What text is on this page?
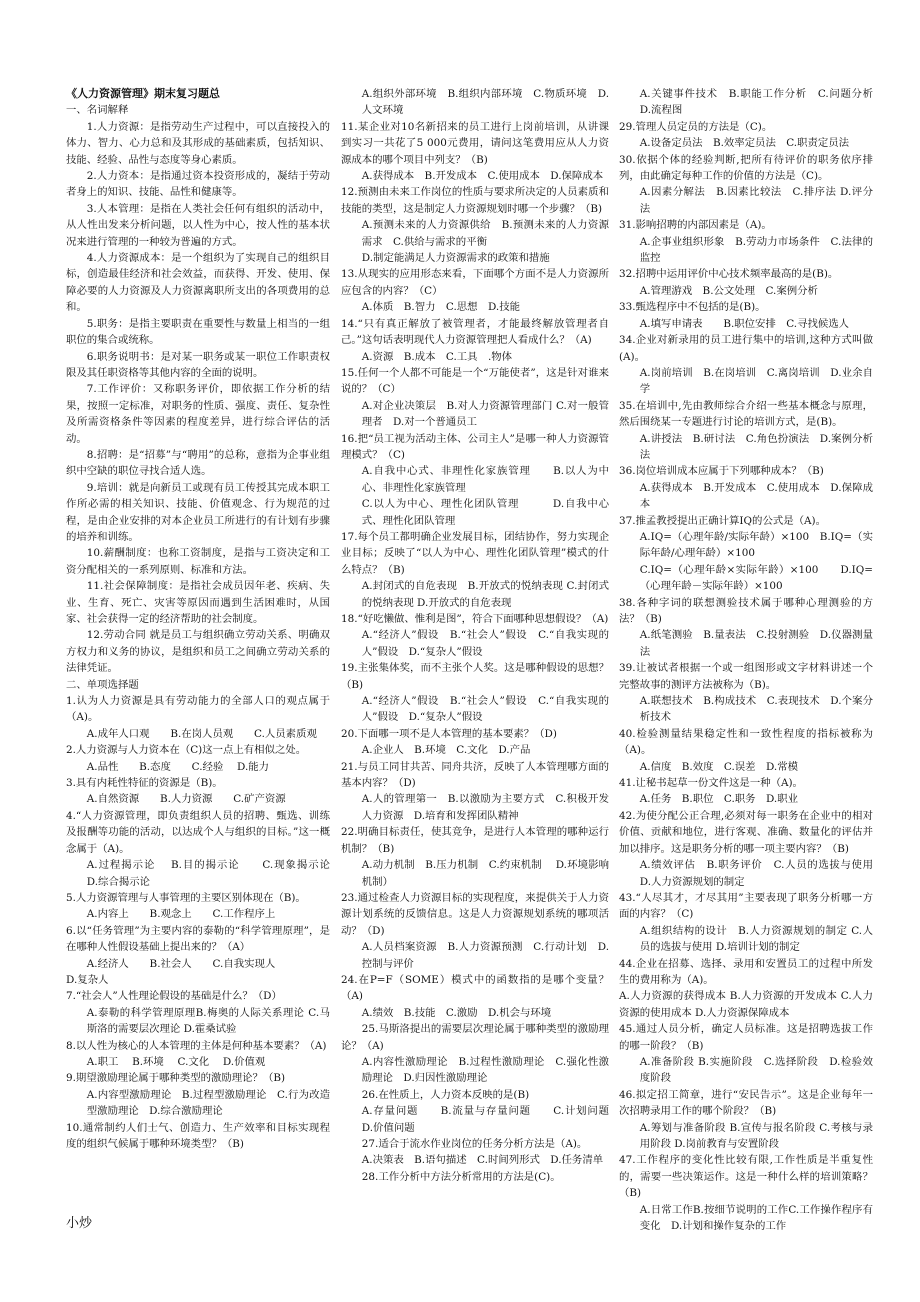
《人力资源管理》期末复习题总

一、名词解释

1.人力资源：是指劳动生产过程中，可以直接投入的体力、智力、心力总和及其形成的基础素质，包括知识、技能、经验、品性与态度等身心素质。

2.人力资本：是指通过资本投资形成的，凝结于劳动者身上的知识、技能、品性和健康等。

3.人本管理：是指在人类社会任何有组织的活动中，从人性出发来分析问题，以人性为中心，按人性的基本状况来进行管理的一种较为普遍的方式。

4.人力资源成本：是一个组织为了实现自己的组织目标，创造最佳经济和社会效益，而获得、开发、使用、保障必要的人力资源及人力资源离职所支出的各项费用的总和。

5.职务：是指主要职责在重要性与数量上相当的一组职位的集合或统称。

6.职务说明书：是对某一职务或某一职位工作职责权限及其任职资格等其他内容的全面的说明。

7.工作评价：又称职务评价，即依据工作分析的结果，按照一定标准，对职务的性质、强度、责任、复杂性及所需资格条件等因素的程度差异，进行综合评估的活动。

8.招聘：是“招募”与“聘用”的总称，意指为企事业组织中空缺的职位寻找合适人选。

9.培训：就是向新员工或现有员工传授其完成本职工作所必需的相关知识、技能、价值观念、行为规范的过程，是由企业安排的对本企业员工所进行的有计划有步骤的培养和训练。

10.薪酬制度：也称工资制度，是指与工资决定和工资分配相关的一系列原则、标准和方法。

11.社会保障制度：是指社会成员因年老、疾病、失业、生育、死亡、灾害等原因而遇到生活困难时，从国家、社会获得一定的经济帮助的社会制度。

12.劳动合同 就是员工与组织确立劳动关系、明确双方权力和义务的协议，是组织和员工之间确立劳动关系的法律凭证。

二、单项选择题

1.认为人力资源是具有劳动能力的全部人口的观点属于（A)。

A.成年人口观　　B.在岗人员观　　C.人员素质观

2.人力资源与人力资本在（C)这一点上有相似之处。

A.品性　　B.态度　　C.经验　 D.能力

3.具有内耗性特征的资源是（B)。

A.自然资源　　B.人力资源　　C.矿产资源

4.“人力资源管理，即负责组织人员的招聘、甄选、训练及报酬等功能的活动，以达成个人与组织的目标。”这一概念属于（A)。

A.过程揭示论　 B.目的揭示论　　C.现象揭示论　 D.综合揭示论

5.人力资源管理与人事管理的主要区别体现在（B)。

A.内容上　　B.观念上　　C.工作程序上

6.以“任务管理”为主要内容的泰勒的“科学管理原理”，是在哪种人性假设基础上提出来的？（A）

A.经济人　　B.社会人　　C.自我实现人

D.复杂人

7.“社会人”人性理论假设的基础是什么？（D）

A.泰勒的科学管理原理B.梅奥的人际关系理论 C.马斯洛的需要层次理论 D.霍桑试验

8.以人性为核心的人本管理的主体是何种基本要素？（A)

A.职工　 B.环境　 C.文化　 D.价值观

9.期望激励理论属于哪种类型的激励理论？（B)

A.内容型激励理论　B.过程型激励理论　C.行为改造型激励理论　D.综合激励理论

10.通常制约人们士气、创造力、生产效率和目标实现程度的组织气候属于哪种环境类型？（B)

A.组织外部环境　B.组织内部环境　C.物质环境　D.人文环境

11.某企业对10名新招来的员工进行上岗前培训，从讲课到实习一共花了5 000元费用，请问这笔费用应从人力资源成本的哪个项目中列支？（B)

A.获得成本　B.开发成本　C.使用成本　D.保障成本

12.预测由未来工作岗位的性质与要求所决定的人员素质和技能的类型，这是制定人力资源规划时哪一个步骤？（B)

A.预测未来的人力资源供给　B.预测未来的人力资源需求　C.供给与需求的平衡

D.制定能满足人力资源需求的政策和措施

13.从现实的应用形态来看，下面哪个方面不是人力资源所应包含的内容？（C）

A.体质　B.智力　C.思想　D.技能

14.“只有真正解放了被管理者，才能最终解放管理者自己。”这句话表明现代人力资源管理把人看成什么？（A)

A.资源　B.成本　C.工具　.物体

15.任何一个人都不可能是一个“万能使者”，这是针对谁来说的？（C）

A.对企业决策层　B.对人力资源管理部门 C.对一般管理者　D.对一个普通员工

16.把“员工视为活动主体、公司主人”是哪一种人力资源管理模式？（C)

A.自我中心式、非理性化家族管理　　B.以人为中心、非理性化家族管理

C.以人为中心、理性化团队管理　　　D.自我中心式、理性化团队管理

17.每个员工都明确企业发展目标，团结协作，努力实现企业目标；反映了“以人为中心、理性化团队管理”模式的什么特点？（B)

A.封闭式的自危表现　B.开放式的悦纳表现 C.封闭式的悦纳表现 D.开放式的自危表现

18.“好吃懒做、惟利是图”，符合下面哪种思想假设？（A)

A.“经济人”假设　B.“社会人”假设　C.“自我实现的人”假设　D.“复杂人”假设

19.主张集体奖，而不主张个人奖。这是哪种假设的思想？（B)

A.“经济人”假设　B.“社会人”假设　C.“自我实现的人”假设　D.“复杂人”假设

20.下面哪一项不是人本管理的基本要素？（D)

A.企业人　B.环境　C.文化　D.产品

21.与员工同甘共苦、同舟共济，反映了人本管理哪方面的基本内容？（D)

A.人的管理第一　B.以激励为主要方式　C.积极开发人力资源　D.培育和发挥团队精神

22.明确目标责任，使其竞争，是进行人本管理的哪种运行机制？（B)

A.动力机制　B.压力机制　C.约束机制　 D.环境影响机制）

23.通过检查人力资源目标的实现程度，来提供关于人力资源计划系统的反馈信息。这是人力资源规划系统的哪项活动？（D)

A.人员档案资源　B.人力资源预测　C.行动计划　D.控制与评价

24.在P=F（SOME）模式中的函数指的是哪个变量？（A)

A.绩效　B.技能　C.激励　D.机会与环境

25.马斯洛提出的需要层次理论属于哪种类型的激励理论？（A)

A.内容性激励理论　B.过程性激励理论　C.强化性激励理论　D.归因性激励理论

26.在性质上，人力资本反映的是(B)

A.存量问题　　B.流量与存量问题　　C.计划问题　 D.价值问题

27.适合于流水作业岗位的任务分析方法是（A)。

A.决策表　B.语句描述　C.时间列形式　D.任务清单

28.工作分析中方法分析常用的方法是(C)。

A.关键事件技术　B.职能工作分析　C.问题分析　D.流程图

29.管理人员定员的方法是（C)。

A.设备定员法　B.效率定员法　C.职责定员法

30.依据个体的经验判断,把所有待评价的职务依序排列，由此确定每种工作的价值的方法是（C)。

A.因素分解法　B.因素比较法　C.排序法 D.评分法

31.影响招聘的内部因素是（A)。

A.企事业组织形象　B.劳动力市场条件　C.法律的监控

32.招聘中运用评价中心技术频率最高的是(B)。

A.管理游戏　B.公文处理　C.案例分析

33.甄选程序中不包括的是(B)。

A.填写申请表　　B.职位安排　C.寻找候选人

34.企业对新录用的员工进行集中的培训,这种方式叫做(A)。

A.岗前培训　B.在岗培训　C.离岗培训　D.业余自学

35.在培训中,先由教师综合介绍一些基本概念与原理，然后围绕某一专题进行讨论的培训方式，是(B)。

A.讲授法　B.研讨法　C.角色扮演法　D.案例分析法

36.岗位培训成本应属于下列哪种成本？（B)

A.获得成本　B.开发成本　C.使用成本　D.保障成本

37.推孟教授提出正确计算IQ的公式是（A)。

A.IQ=（心理年龄/实际年龄）×100　B.IQ=（实际年龄/心理年龄）×100

C.IQ=（心理年龄×实际年龄）×100　　D.IQ=（心理年龄－实际年龄）×100

38.各种字词的联想测验技术属于哪种心理测验的方法？（B)

A.纸笔测验　B.量表法　C.投射测验　D.仪器测量法

39.让被试者根据一个或一组图形或文字材料讲述一个完整故事的测评方法被称为（B)。

A.联想技术　B.构成技术　C.表现技术　D.个案分析技术

40.检验测量结果稳定性和一致性程度的指标被称为（A)。

A.信度　B.效度　C.误差　D.常模

41.让秘书起草一份文件这是一种（A)。

A.任务　B.职位　C.职务　D.职业

42.为使分配公正合理,必须对每一职务在企业中的相对价值、贡献和地位，进行客观、准确、数量化的评估并加以排序。这是职务分析的哪一项主要内容？（B)

A.绩效评估　B.职务评价　C.人员的选拔与使用　D.人力资源规划的制定

43.“人尽其才，才尽其用”主要表现了职务分析哪一方面的内容？（C)

A.组织结构的设计　B.人力资源规划的制定 C.人员的选拔与使用 D.培训计划的制定

44.企业在招募、选择、录用和安置员工的过程中所发生的费用称为（A)。

A.人力资源的获得成本 B.人力资源的开发成本 C.人力资源的使用成本 D.人力资源保障成本

45.通过人员分析，确定人员标准。这是招聘选拔工作的哪一阶段？（B)

A.准备阶段 B.实施阶段　C.选择阶段　D.检验效度阶段

46.拟定招工简章，进行“安民告示”。这是企业每年一次招聘录用工作的哪个阶段？（B)

A.筹划与准备阶段 B.宣传与报名阶段 C.考核与录用阶段 D.岗前教育与安置阶段

47.工作程序的变化性比较有限,工作性质是半重复性的，需要一些决策运作。这是一种什么样的培训策略？（B)

A.日常工作B.按细节说明的工作C.工作操作程序有变化　D.计划和操作复杂的工作

小炒
